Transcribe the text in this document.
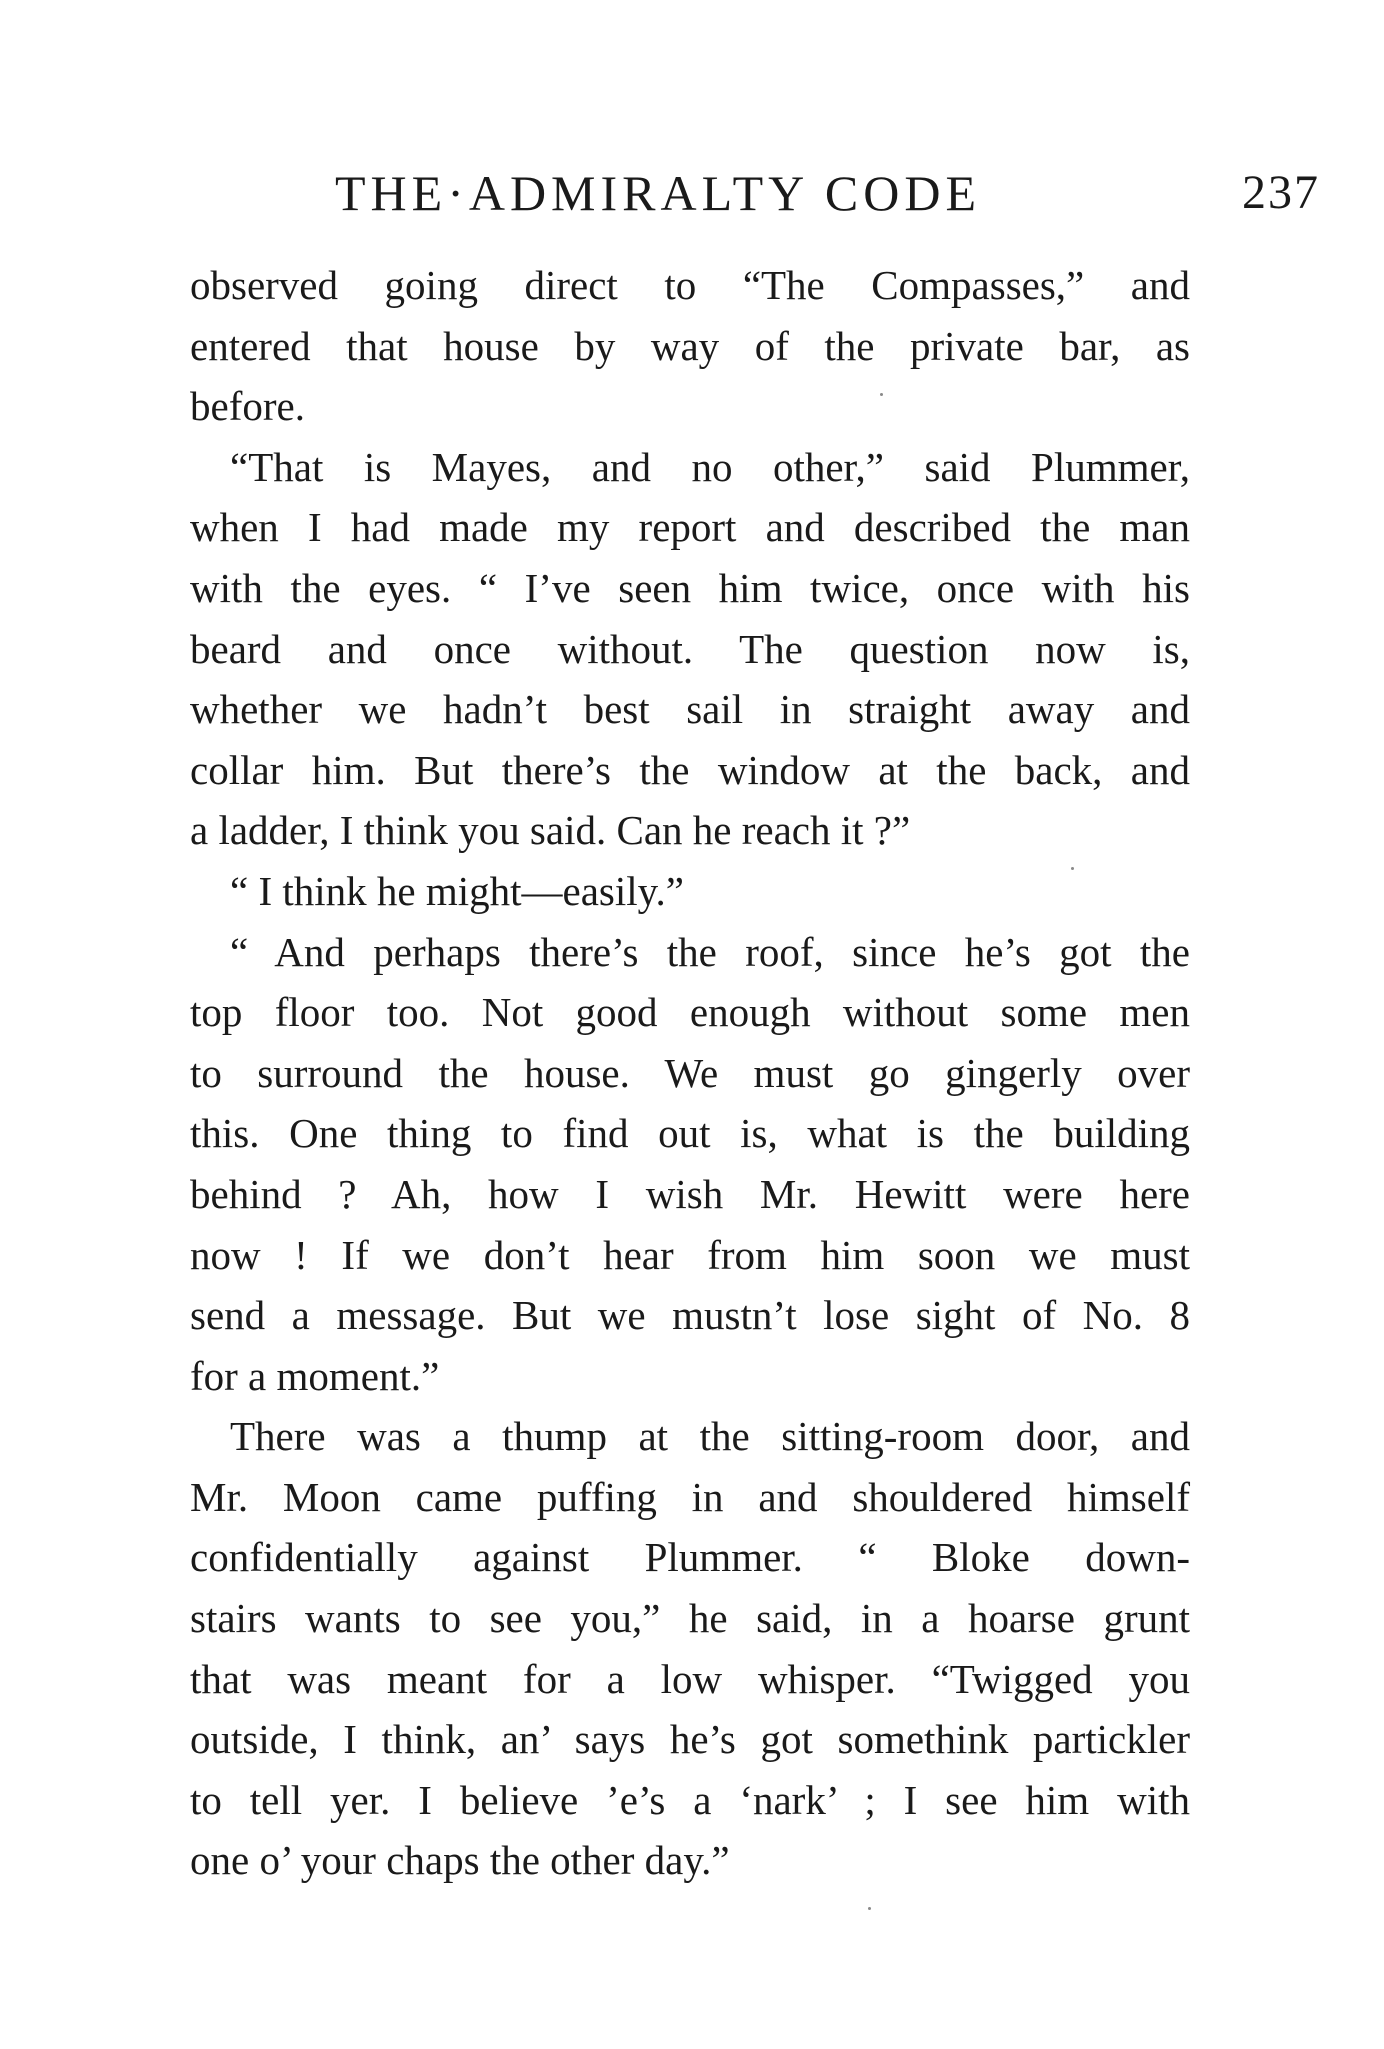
THE·ADMIRALTY CODE	237
observed going direct to “The Compasses,” and
entered that house by way of the private bar, as
before.
“That is Mayes, and no other,” said Plummer,
when I had made my report and described the man
with the eyes. “ I’ve seen him twice, once with his
beard and once without. The question now is,
whether we hadn’t best sail in straight away and
collar him. But there’s the window at the back, and
a ladder, I think you said. Can he reach it ?”
“ I think he might—easily.”
“ And perhaps there’s the roof, since he’s got the
top floor too. Not good enough without some men
to surround the house. We must go gingerly over
this. One thing to find out is, what is the building
behind ? Ah, how I wish Mr. Hewitt were here
now ! If we don’t hear from him soon we must
send a message. But we mustn’t lose sight of No. 8
for a moment.”
There was a thump at the sitting-room door, and
Mr. Moon came puffing in and shouldered himself
confidentially against Plummer. “ Bloke down-
stairs wants to see you,” he said, in a hoarse grunt
that was meant for a low whisper. “Twigged you
outside, I think, an’ says he’s got somethink partickler
to tell yer. I believe ’e’s a ‘nark’ ; I see him with
one o’ your chaps the other day.”
